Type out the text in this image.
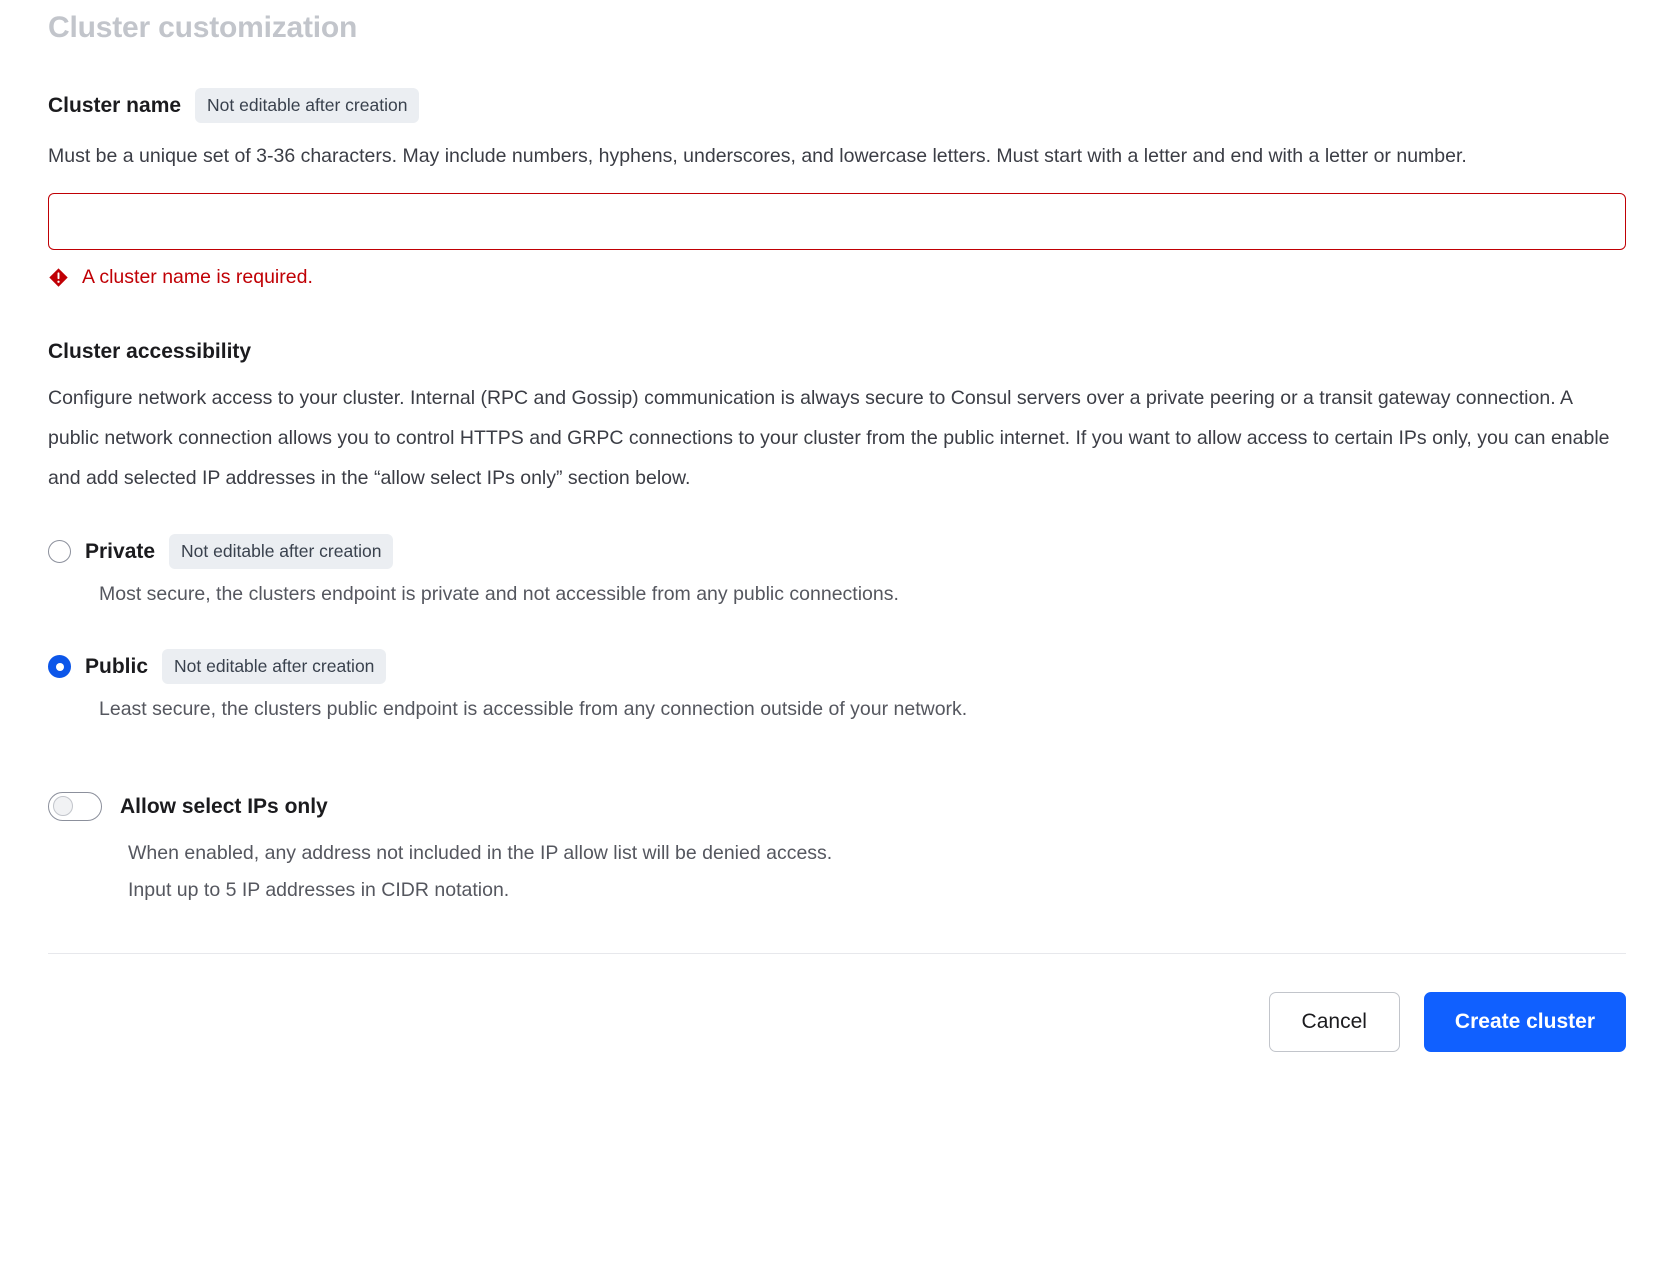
Cluster customization
Cluster name	Not editable after creation
Must be a unique set of 3-36 characters. May include numbers, hyphens, underscores, and lowercase letters. Must start with a letter and end with a letter or number.
A cluster name is required.
Cluster accessibility
Configure network access to your cluster. Internal (RPC and Gossip) communication is always secure to Consul servers over a private peering or a transit gateway connection. A public network connection allows you to control HTTPS and GRPC connections to your cluster from the public internet. If you want to allow access to certain IPs only, you can enable and add selected IP addresses in the “allow select IPs only” section below.
Private	Not editable after creation
Most secure, the clusters endpoint is private and not accessible from any public connections.
Public	Not editable after creation
Least secure, the clusters public endpoint is accessible from any connection outside of your network.
Allow select IPs only
When enabled, any address not included in the IP allow list will be denied access.
Input up to 5 IP addresses in CIDR notation.
Cancel	Create cluster
